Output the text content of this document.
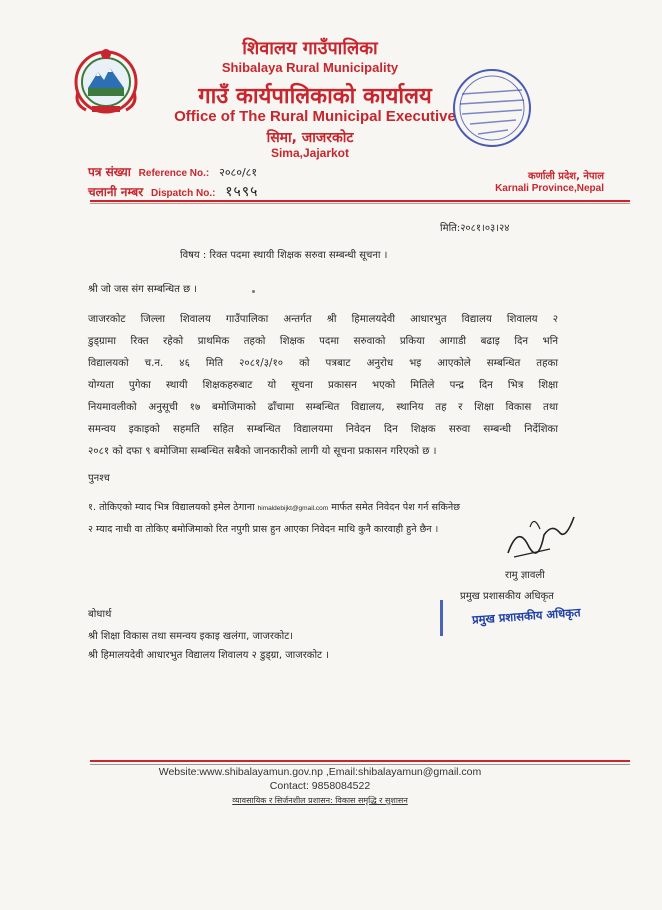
शिवालय गाउँपालिका
Shibalaya Rural Municipality
गाउँ कार्यपालिकाको कार्यालय
Office of The Rural Municipal Executive
सिमा, जाजरकोट
Sima,Jajarkot
पत्र संख्या Reference No.: २०८०/८१
चलानी नम्बर Dispatch No.: १५९५
कर्णाली प्रदेश, नेपाल
Karnali Province,Nepal
मिति:२०८१।०३।२४
विषय : रिक्त पदमा स्थायी शिक्षक सरुवा सम्बन्धी सूचना ।
श्री जो जस संग सम्बन्धित छ ।
जाजरकोट जिल्ला शिवालय गाउँपालिका अन्तर्गत श्री हिमालयदेवी आधारभुत विद्यालय शिवालय २
डुड्ग्रामा रिक्त रहेको प्राथमिक तहको शिक्षक पदमा सरुवाको प्रकिया आगाडी बढाइ दिन भनि
विद्यालयको च.न. ४६ मिति २०८१/३/१० को पत्रबाट अनुरोध भइ आएकोले सम्बन्धित तहका
योग्यता पुगेका स्थायी शिक्षकहरुबाट यो सूचना प्रकासन भएको मितिले पन्द्र दिन भित्र शिक्षा
नियमावलीको अनुसूची १७ बमोजिमाको ढाँचामा सम्बन्धित विद्यालय, स्थानिय तह र शिक्षा विकास तथा
समन्वय इकाइको सहमति सहित सम्बन्धित विद्यालयमा निवेदन दिन शिक्षक सरुवा सम्बन्धी निर्देशिका
२०८१ को दफा ९ बमोजिमा सम्बन्धित सबैको जानकारीको लागी यो सूचना प्रकासन गरिएको छ ।
पुनश्च
१. तोकिएको म्याद भित्र विद्यालयको इमेल ठेगाना himaldebijkt@gmail.com मार्फत समेत निवेदन पेश गर्न सकिनेछ
२ म्याद नाधी वा तोकिए बमोजिमाको रित नपुगी प्रास हुन आएका निवेदन माथि कुनै कारवाही हुने छैन ।
रामु ज्ञावली
प्रमुख प्रशासकीय अधिकृत
प्रमुख प्रशासकीय अधिकृत
बोधार्थ
श्री शिक्षा विकास तथा समन्वय इकाइ खलंगा, जाजरकोट।
श्री हिमालयदेवी आधारभुत विद्यालय शिवालय २ डुड्ग्रा, जाजरकोट ।
Website:www.shibalayamun.gov.np ,Email:shibalayamun@gmail.com
Contact: 9858084522
व्यावसायिक र सिर्जनशील प्रशासन: विकास समृद्धि र सुशासन
